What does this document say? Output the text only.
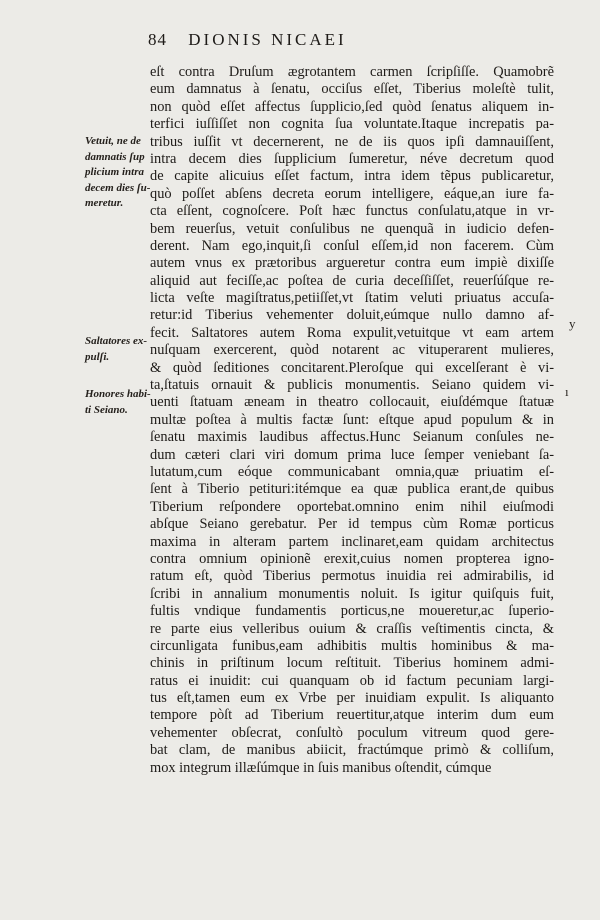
84 DIONIS NICAEI
eſt contra Druſum ægrotantem carmen ſcripſiſſe. Quamobrẽ
eum damnatus à ſenatu, occiſus eſſet, Tiberius moleſtè tulit,
non quòd eſſet affectus ſupplicio,ſed quòd ſenatus aliquem in-
terfici iuſſiſſet non cognita ſua voluntate.Itaque increpatis pa-
tribus iuſſit vt decernerent, ne de iis quos ipſi damnauiſſent,
intra decem dies ſupplicium ſumeretur, néve decretum quod
de capite alicuius eſſet factum, intra idem tẽpus publicaretur,
quò poſſet abſens decreta eorum intelligere, eáque,an iure fa-
cta eſſent, cognoſcere. Poſt hæc functus conſulatu,atque in vr-
bem reuerſus, vetuit conſulibus ne quenquã in iudicio defen-
derent. Nam ego,inquit,ſi conſul eſſem,id non facerem. Cùm
autem vnus ex prætoribus argueretur contra eum impiè dixiſſe
aliquid aut feciſſe,ac poſtea de curia deceſſiſſet, reuerſúſque re-
licta veſte magiſtratus,petiiſſet,vt ſtatim veluti priuatus accuſa-
retur:id Tiberius vehementer doluit,eúmque nullo damno af-
fecit. Saltatores autem Roma expulit,vetuitque vt eam artem
nuſquam exercerent, quòd notarent ac vituperarent mulieres,
& quòd ſeditiones concitarent.Pleroſque qui excelſerant è vi-
ta,ſtatuis ornauit & publicis monumentis. Seiano quidem vi-
uenti ſtatuam æneam in theatro collocauit, eiuſdémque ſtatuæ
multæ poſtea à multis factæ ſunt: eſtque apud populum & in
ſenatu maximis laudibus affectus.Hunc Seianum conſules ne-
dum cæteri clari viri domum prima luce ſemper veniebant ſa-
lutatum,cum eóque communicabant omnia,quæ priuatim eſ-
ſent à Tiberio petituri:itémque ea quæ publica erant,de quibus
Tiberium reſpondere oportebat.omnino enim nihil eiuſmodi
abſque Seiano gerebatur. Per id tempus cùm Romæ porticus
maxima in alteram partem inclinaret,eam quidam architectus
contra omnium opinionẽ erexit,cuius nomen propterea igno-
ratum eſt, quòd Tiberius permotus inuidia rei admirabilis, id
ſcribi in annalium monumentis noluit. Is igitur quiſquis fuit,
fultis vndique fundamentis porticus,ne moueretur,ac ſuperio-
re parte eius velleribus ouium & craſſis veſtimentis cincta, &
circunligata funibus,eam adhibitis multis hominibus & ma-
chinis in priſtinum locum reſtituit. Tiberius hominem admi-
ratus ei inuidit: cui quanquam ob id factum pecuniam largi-
tus eſt,tamen eum ex Vrbe per inuidiam expulit. Is aliquanto
tempore pòſt ad Tiberium reuertitur,atque interim dum eum
vehementer obſecrat, conſultò poculum vitreum quod gere-
bat clam, de manibus abiicit, fractúmque primò & colliſum,
mox integrum illæſúmque in ſuis manibus oſtendit, cúmque
Vetuit, ne de
damnatis ſup
plicium intra
decem dies ſu-
meretur.
Saltatores ex-
pulſi.
Honores habi-
ti Seiano.
y
ı
